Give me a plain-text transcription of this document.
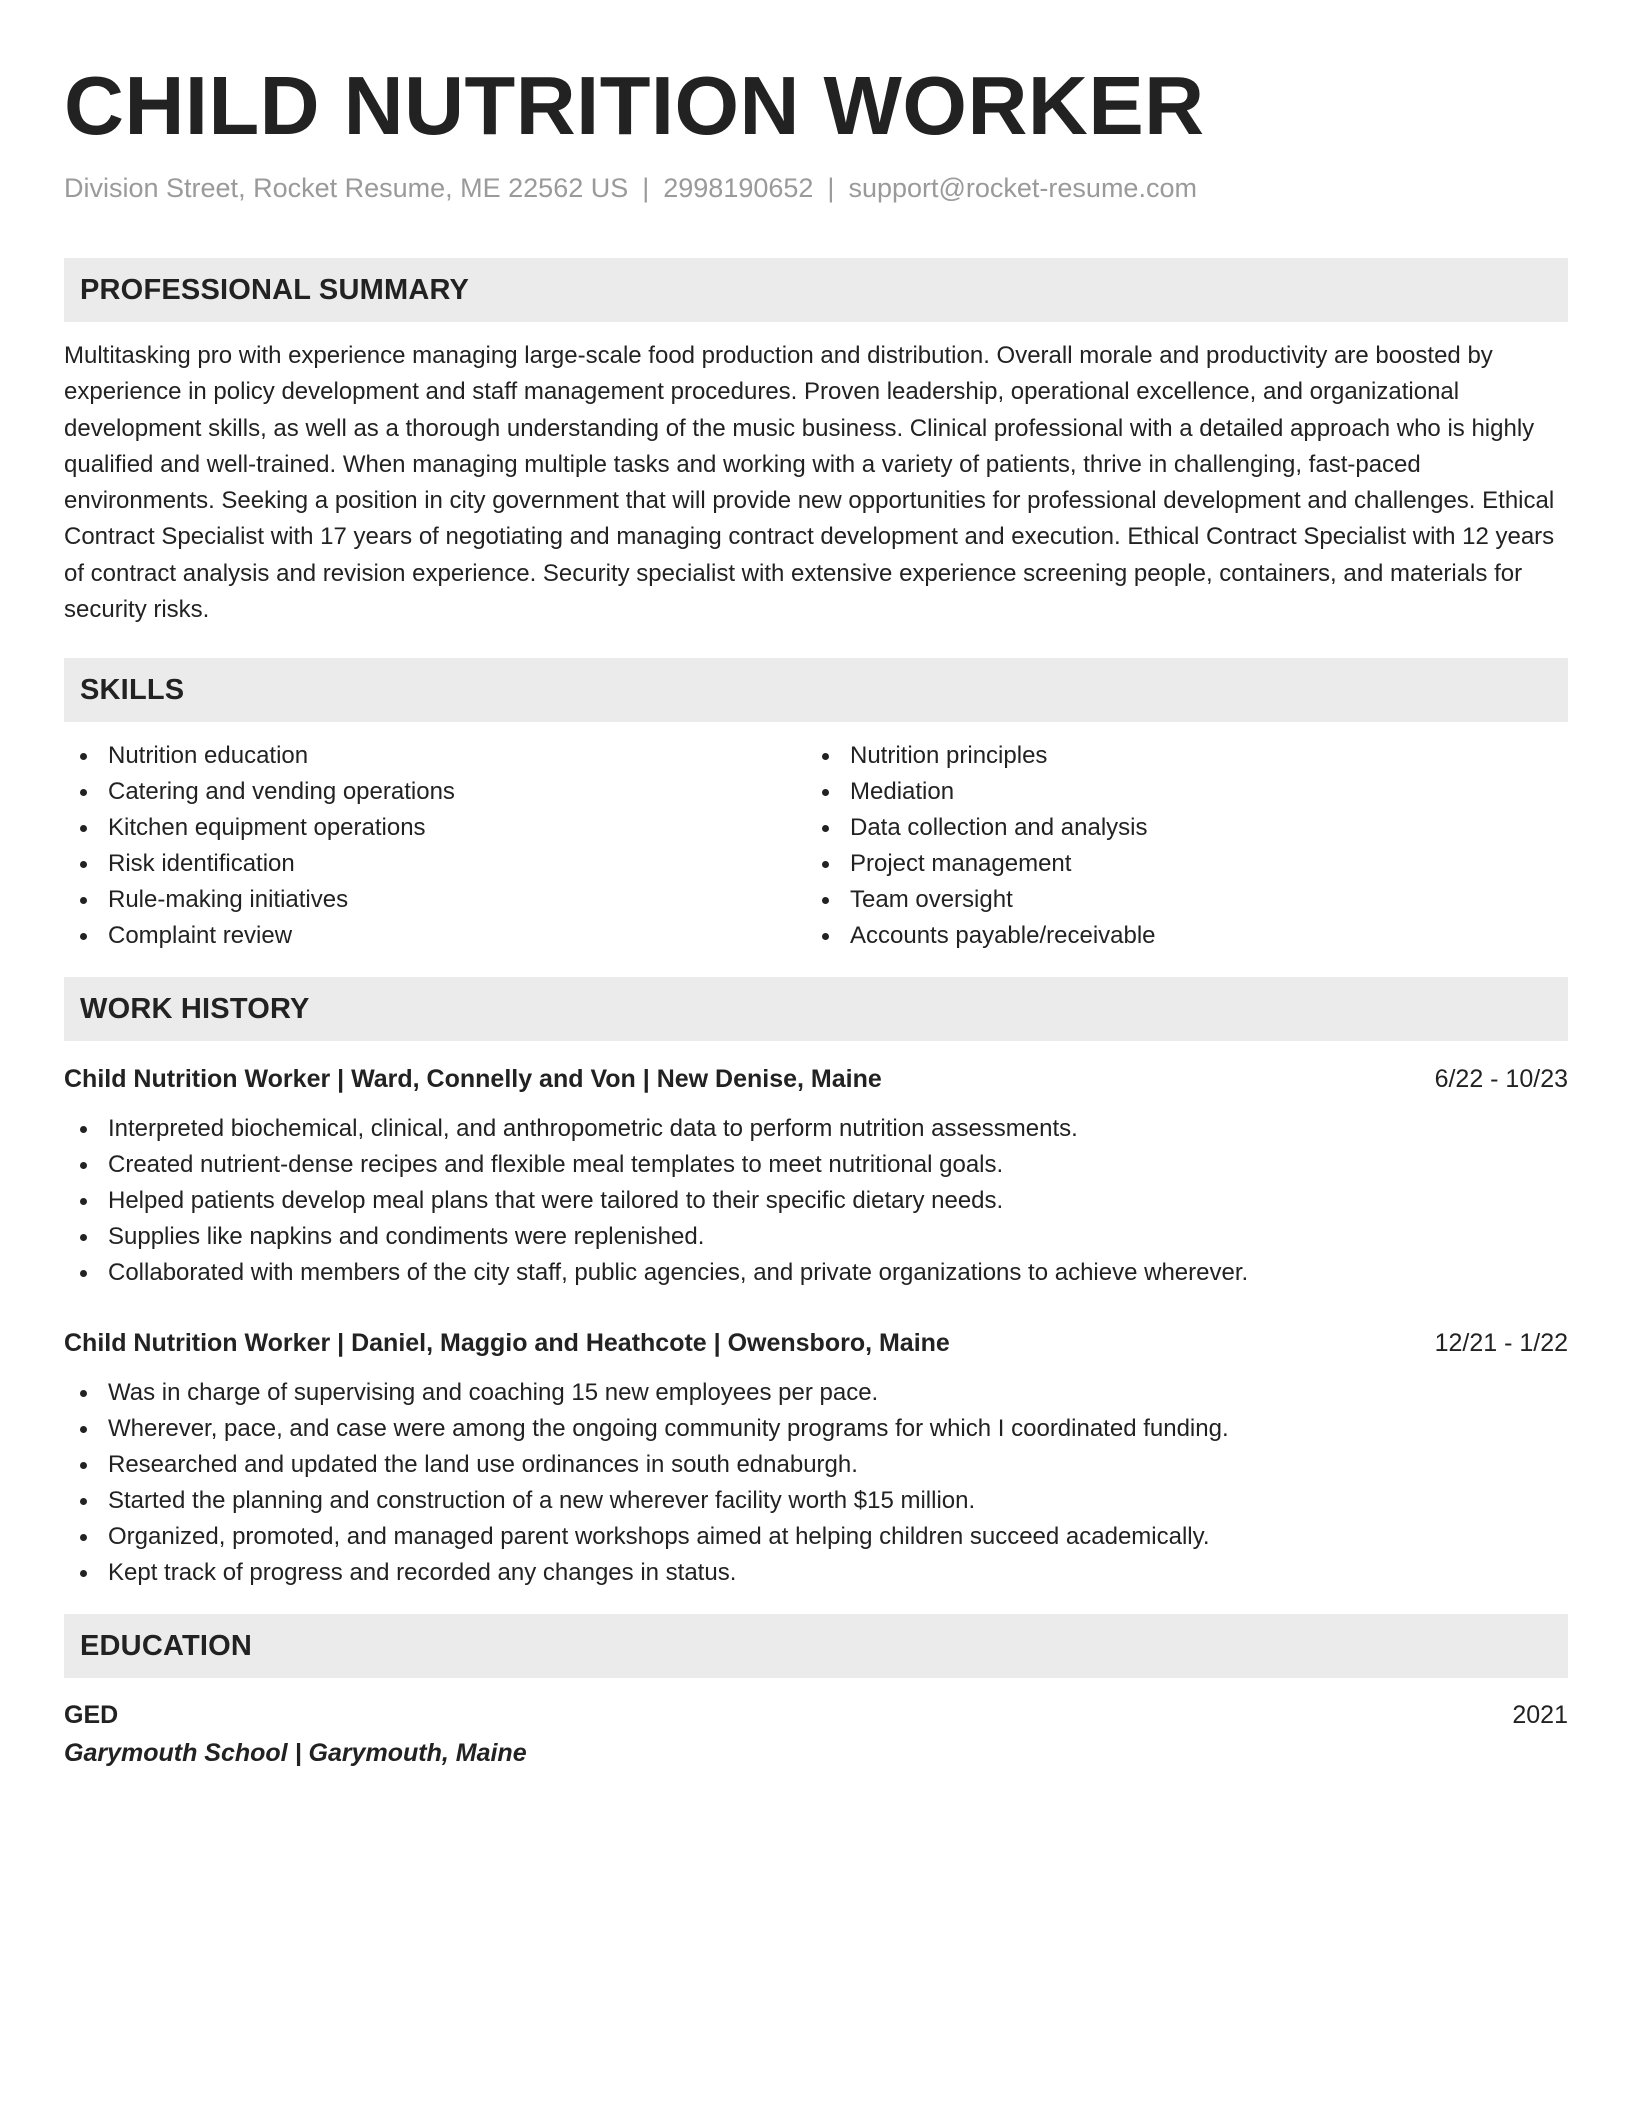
CHILD NUTRITION WORKER
Division Street, Rocket Resume, ME 22562 US | 2998190652 | support@rocket-resume.com
PROFESSIONAL SUMMARY
Multitasking pro with experience managing large-scale food production and distribution. Overall morale and productivity are boosted by experience in policy development and staff management procedures. Proven leadership, operational excellence, and organizational development skills, as well as a thorough understanding of the music business. Clinical professional with a detailed approach who is highly qualified and well-trained. When managing multiple tasks and working with a variety of patients, thrive in challenging, fast-paced environments. Seeking a position in city government that will provide new opportunities for professional development and challenges. Ethical Contract Specialist with 17 years of negotiating and managing contract development and execution. Ethical Contract Specialist with 12 years of contract analysis and revision experience. Security specialist with extensive experience screening people, containers, and materials for security risks.
SKILLS
Nutrition education
Catering and vending operations
Kitchen equipment operations
Risk identification
Rule-making initiatives
Complaint review
Nutrition principles
Mediation
Data collection and analysis
Project management
Team oversight
Accounts payable/receivable
WORK HISTORY
Child Nutrition Worker | Ward, Connelly and Von | New Denise, Maine	6/22 - 10/23
Interpreted biochemical, clinical, and anthropometric data to perform nutrition assessments.
Created nutrient-dense recipes and flexible meal templates to meet nutritional goals.
Helped patients develop meal plans that were tailored to their specific dietary needs.
Supplies like napkins and condiments were replenished.
Collaborated with members of the city staff, public agencies, and private organizations to achieve wherever.
Child Nutrition Worker | Daniel, Maggio and Heathcote | Owensboro, Maine	12/21 - 1/22
Was in charge of supervising and coaching 15 new employees per pace.
Wherever, pace, and case were among the ongoing community programs for which I coordinated funding.
Researched and updated the land use ordinances in south ednaburgh.
Started the planning and construction of a new wherever facility worth $15 million.
Organized, promoted, and managed parent workshops aimed at helping children succeed academically.
Kept track of progress and recorded any changes in status.
EDUCATION
GED	2021
Garymouth School | Garymouth, Maine
